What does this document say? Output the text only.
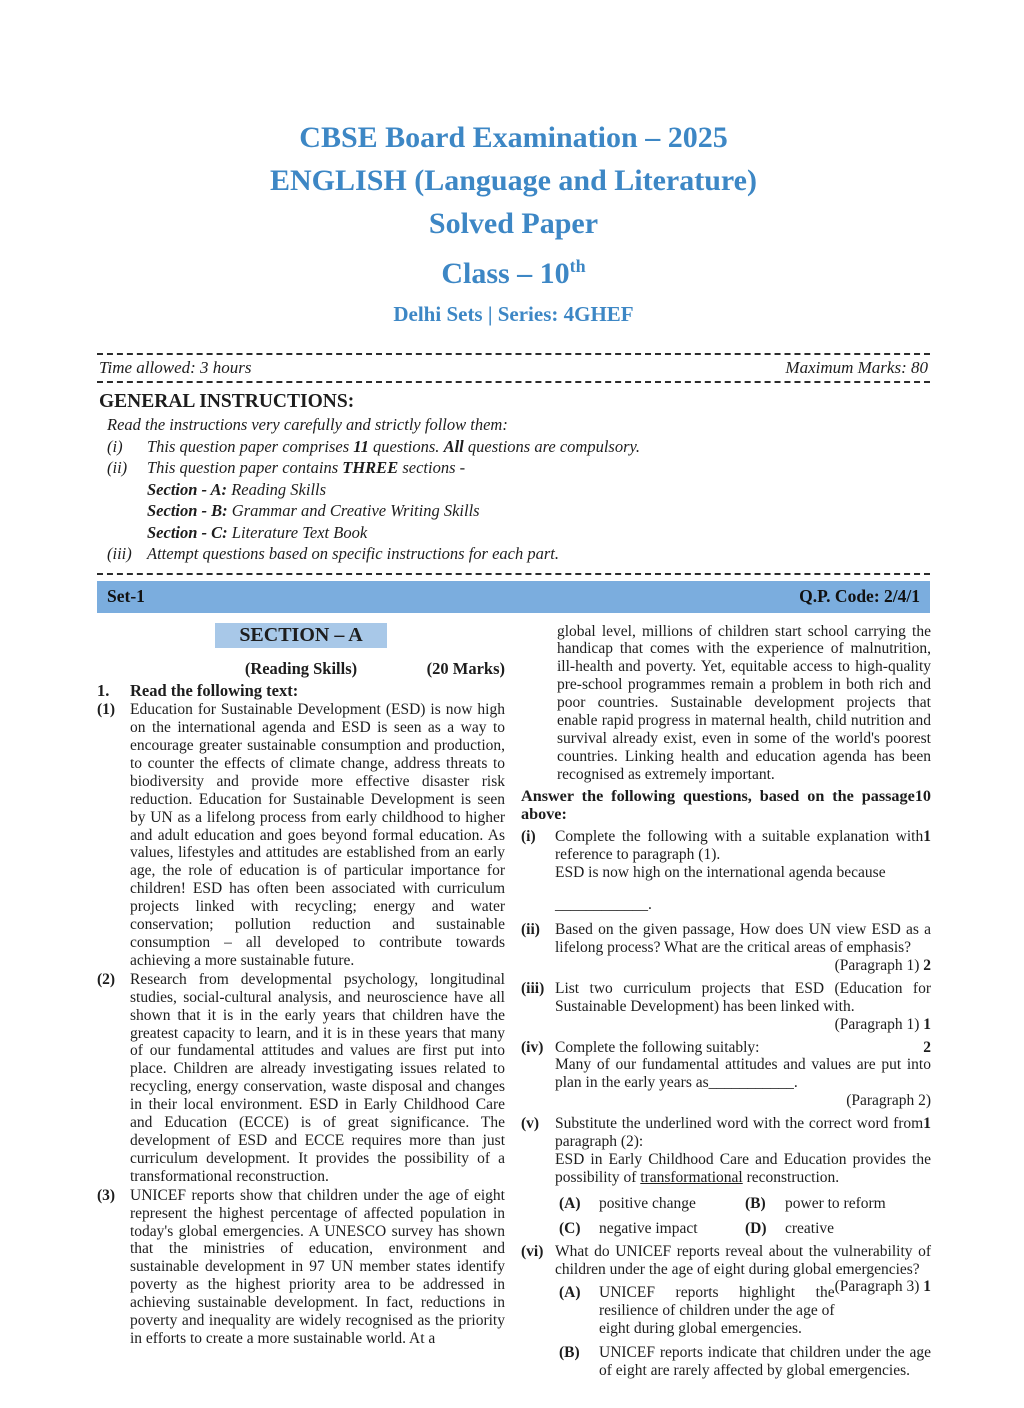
CBSE Board Examination – 2025
ENGLISH (Language and Literature)
Solved Paper
Class – 10th
Delhi Sets | Series: 4GHEF
Time allowed: 3 hours	Maximum Marks: 80
GENERAL INSTRUCTIONS:
Read the instructions very carefully and strictly follow them:
(i)	This question paper comprises 11 questions. All questions are compulsory.
(ii)	This question paper contains THREE sections -
Section - A: Reading Skills
Section - B: Grammar and Creative Writing Skills
Section - C: Literature Text Book
(iii) Attempt questions based on specific instructions for each part.
Set-1	Q.P. Code: 2/4/1
SECTION – A
(Reading Skills)	(20 Marks)
1.	Read the following text:
(1) Education for Sustainable Development (ESD) is now high on the international agenda and ESD is seen as a way to encourage greater sustainable consumption and production, to counter the effects of climate change, address threats to biodiversity and provide more effective disaster risk reduction. Education for Sustainable Development is seen by UN as a lifelong process from early childhood to higher and adult education and goes beyond formal education. As values, lifestyles and attitudes are established from an early age, the role of education is of particular importance for children! ESD has often been associated with curriculum projects linked with recycling; energy and water conservation; pollution reduction and sustainable consumption – all developed to contribute towards achieving a more sustainable future.
(2) Research from developmental psychology, longitudinal studies, social-cultural analysis, and neuroscience have all shown that it is in the early years that children have the greatest capacity to learn, and it is in these years that many of our fundamental attitudes and values are first put into place. Children are already investigating issues related to recycling, energy conservation, waste disposal and changes in their local environment. ESD in Early Childhood Care and Education (ECCE) is of great significance. The development of ESD and ECCE requires more than just curriculum development. It provides the possibility of a transformational reconstruction.
(3) UNICEF reports show that children under the age of eight represent the highest percentage of affected population in today's global emergencies. A UNESCO survey has shown that the ministries of education, environment and sustainable development in 97 UN member states identify poverty as the highest priority area to be addressed in achieving sustainable development. In fact, reductions in poverty and inequality are widely recognised as the priority in efforts to create a more sustainable world. At a
global level, millions of children start school carrying the handicap that comes with the experience of malnutrition, ill-health and poverty. Yet, equitable access to high-quality pre-school programmes remain a problem in both rich and poor countries. Sustainable development projects that enable rapid progress in maternal health, child nutrition and survival already exist, even in some of the world's poorest countries. Linking health and education agenda has been recognised as extremely important.
10
Answer the following questions, based on the passage above:
(i)	1
Complete the following with a suitable explanation with reference to paragraph (1).
ESD is now high on the international agenda because
____________.
(ii) Based on the given passage, How does UN view ESD as a lifelong process? What are the critical areas of emphasis?
(Paragraph 1) 2
(iii) List two curriculum projects that ESD (Education for Sustainable Development) has been linked with.
(Paragraph 1) 1
(iv)	2
Complete the following suitably:
Many of our fundamental attitudes and values are put into plan in the early years as___________.
(Paragraph 2)
(v)	1
Substitute the underlined word with the correct word from paragraph (2):
ESD in Early Childhood Care and Education provides the possibility of transformational reconstruction.
(A)	positive change	(B)	power to reform
(C)	negative impact	(D)	creative
(vi) What do UNICEF reports reveal about the vulnerability of children under the age of eight during global emergencies?
(Paragraph 3) 1
(A)	UNICEF reports highlight the resilience of children under the age of eight during global emergencies.
(B)	UNICEF reports indicate that children under the age of eight are rarely affected by global emergencies.
